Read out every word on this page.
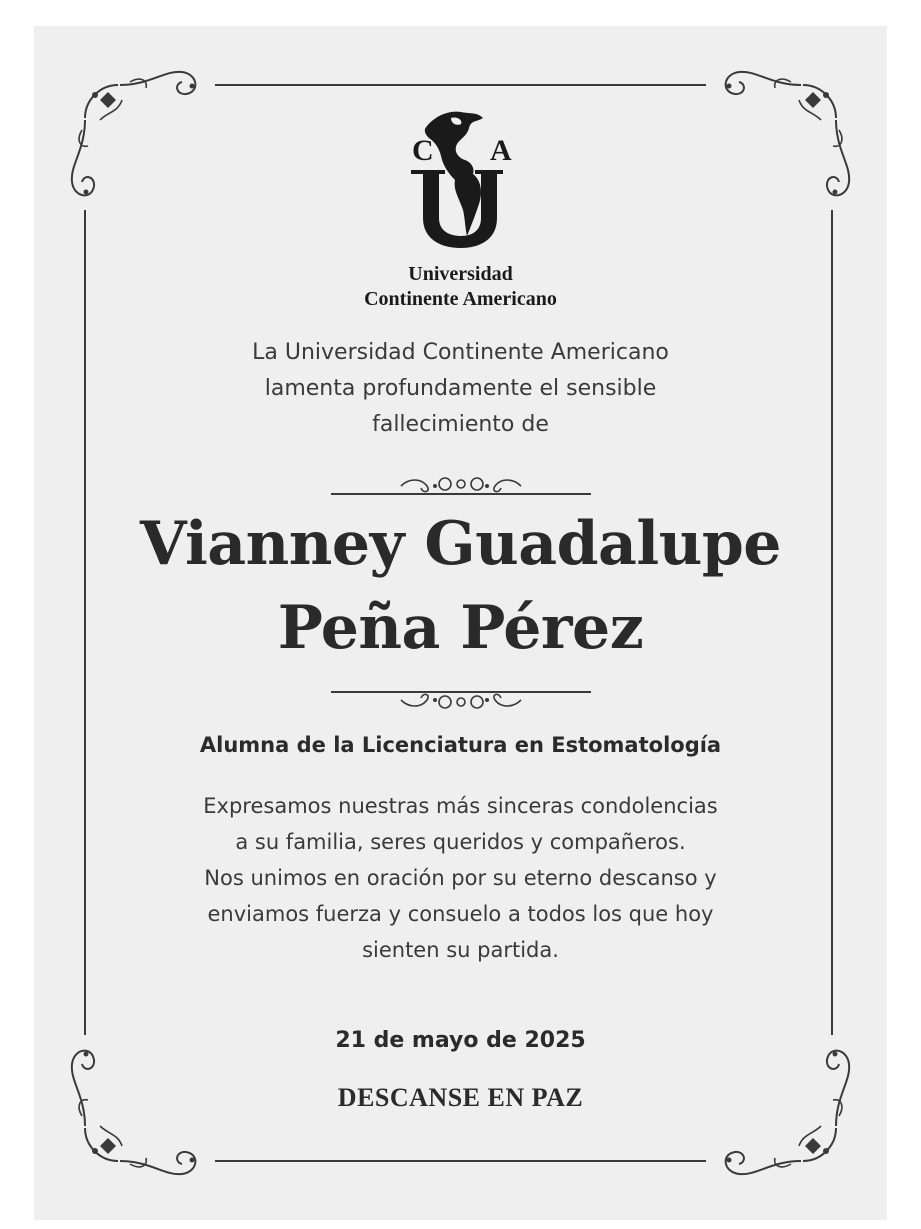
C A
Universidad
Continente Americano
La Universidad Continente Americano
lamenta profundamente el sensible
fallecimiento de
Vianney Guadalupe
Peña Pérez
Alumna de la Licenciatura en Estomatología
Expresamos nuestras más sinceras condolencias
a su familia, seres queridos y compañeros.
Nos unimos en oración por su eterno descanso y
enviamos fuerza y consuelo a todos los que hoy
sienten su partida.
21 de mayo de 2025
DESCANSE EN PAZ
